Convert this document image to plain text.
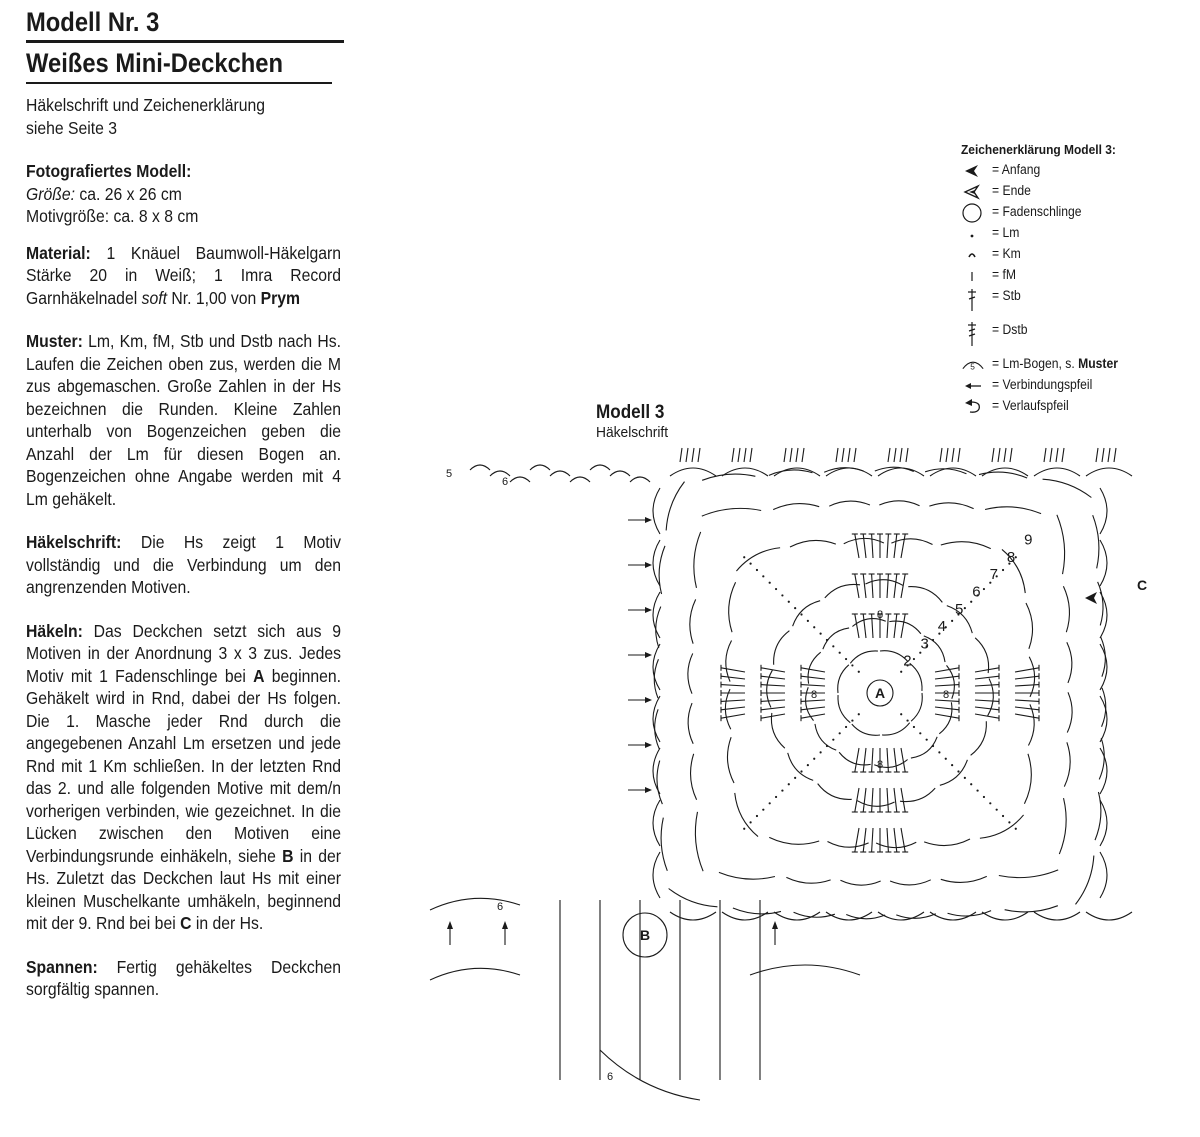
Modell Nr. 3
Weißes Mini-Deckchen

Häkelschrift und Zeichenerklärung

siehe Seite 3

Fotografiertes Modell:

Größe: ca. 26 x 26 cm

Motivgröße: ca. 8 x 8 cm

Material: 1 Knäuel Baumwoll-Häkelgarn Stärke 20 in Weiß; 1 Imra Record Garnhäkelnadel soft Nr. 1,00 von Prym

Muster: Lm, Km, fM, Stb und Dstb nach Hs. Laufen die Zeichen oben zus, werden die M zus abgemaschen. Große Zahlen in der Hs bezeichnen die Runden. Kleine Zahlen unterhalb von Bogenzeichen geben die Anzahl der Lm für diesen Bogen an. Bogenzeichen ohne Angabe werden mit 4 Lm gehäkelt.

Häkelschrift: Die Hs zeigt 1 Motiv vollständig und die Verbindung um den angrenzenden Motiven.

Häkeln: Das Deckchen setzt sich aus 9 Motiven in der Anordnung 3 x 3 zus. Jedes Motiv mit 1 Fadenschlinge bei A beginnen. Gehäkelt wird in Rnd, dabei der Hs folgen. Die 1. Masche jeder Rnd durch die angegebenen Anzahl Lm ersetzen und jede Rnd mit 1 Km schließen. In der letzten Rnd das 2. und alle folgenden Motive mit dem/n vorherigen verbinden, wie gezeichnet. In die Lücken zwischen den Motiven eine Verbindungsrunde einhäkeln, siehe B in der Hs. Zuletzt das Deckchen laut Hs mit einer kleinen Muschelkante umhäkeln, beginnend mit der 9. Rnd bei bei C in der Hs.

Spannen: Fertig gehäkeltes Deckchen sorgfältig spannen.

Zeichenerklärung Modell 3:
= Anfang
= Ende
= Fadenschlinge
= Lm
= Km
= fM
= Stb
= Dstb
5 = Lm-Bogen, s. Muster
= Verbindungspfeil
= Verlaufspfeil
Modell 3
Häkelschrift
A
2
3
4
5
6
7
8
9
8
8
8	8
6
5
B
6
6
C
